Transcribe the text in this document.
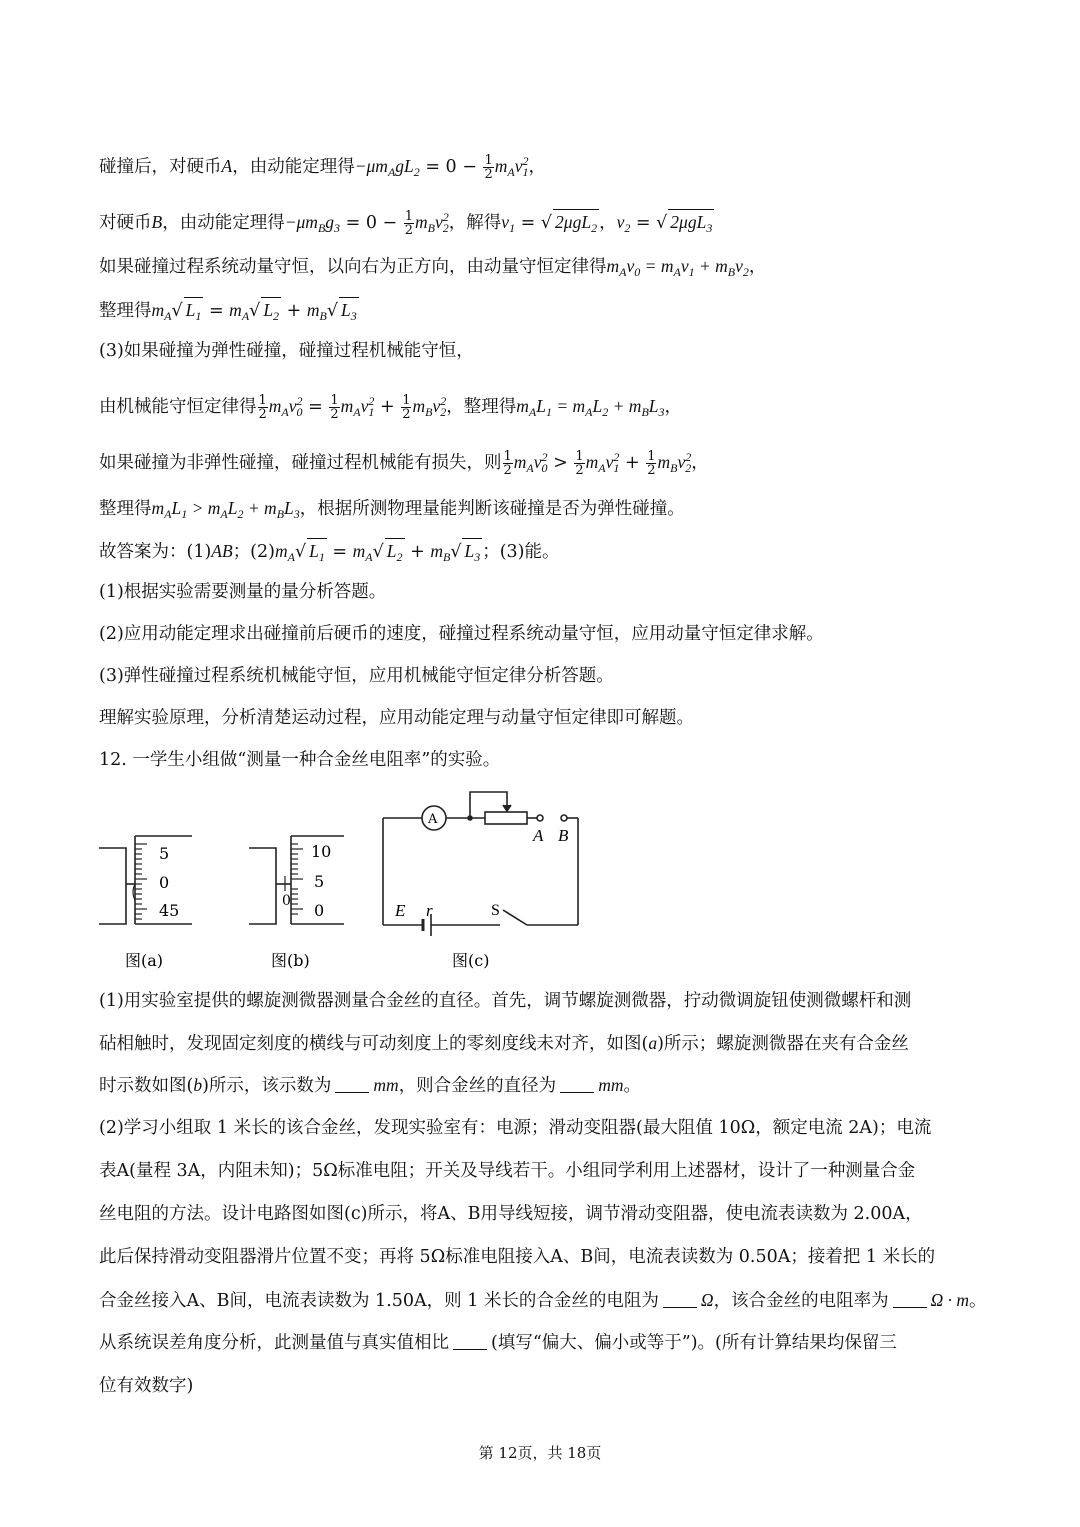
碰撞后，对硬币A，由动能定理得$-\mu m_AgL_2 = 0 - \frac{1}{2} m_Av^2_1$，
对硬币B，由动能定理得$-\mu m_Bg_3 = 0 - \frac{1}{2} m_Bv^2_2$，解得$v_1$ = √ 2μgL$_2$ ，$v_2$ = √ 2μgL$_3$
如果碰撞过程系统动量守恒，以向右为正方向，由动量守恒定律得$m_Av_0 = m_Av_1 + m_Bv_2$，
整理得$m_A√$ $L_1 = m_A√$ $L_2 + m_B√$ $L_3$
(3)如果碰撞为弹性碰撞，碰撞过程机械能守恒，
由机械能守恒定律得 $\frac{1}{2} m_Av^2_0 = \frac{1}{2} m_Av^2_1 + \frac{1}{2} m_Bv^2_2$，整理得$m_AL_1 = m_AL_2 + m_BL_3$，
如果碰撞为非弹性碰撞，碰撞过程机械能有损失，则 $\frac{1}{2} m_Av^2_0 > \frac{1}{2} m_Av^2_1 + \frac{1}{2} m_Bv^2_2$，
整理得$m_AL_1 > m_AL_2 + m_BL_3$，根据所测物理量能判断该碰撞是否为弹性碰撞。
故答案为：(1)AB；$(2)m_A√$ $L_1 = m_A√$ $L_2 + m_B√$ $L_3$ ；(3)能。
(1)根据实验需要测量的量分析答题。
(2)应用动能定理求出碰撞前后硬币的速度，碰撞过程系统动量守恒，应用动量守恒定律求解。
(3)弹性碰撞过程系统机械能守恒，应用机械能守恒定律分析答题。
理解实验原理，分析清楚运动过程，应用动能定理与动量守恒定律即可解题。
12. 一学生小组做“测量一种合金丝电阻率”的实验。
5
0
45
图(a)
0
10
5
0
图(b)
A
A B
E r	S
图(c)
(1)用实验室提供的螺旋测微器测量合金丝的直径。首先，调节螺旋测微器，拧动微调旋钮使测微螺杆和测
砧相触时，发现固定刻度的横线与可动刻度上的零刻度线未对齐，如图(a)所示；螺旋测微器在夹有合金丝
时示数如图(b)所示，该示数为 mm，则合金丝的直径为 mm。
(2)学习小组取 1 米长的该合金丝，发现实验室有：电源；滑动变阻器(最大阻值 10Ω，额定电流 2A)；电流
表A(量程 3A，内阻未知)；5Ω标准电阻；开关及导线若干。小组同学利用上述器材，设计了一种测量合金
丝电阻的方法。设计电路图如图(c)所示，将A、B用导线短接，调节滑动变阻器，使电流表读数为 2.00A，
此后保持滑动变阻器滑片位置不变；再将 5Ω标准电阻接入A、B间，电流表读数为 0.50A；接着把 1 米长的
合金丝接入A、B间，电流表读数为 1.50A，则 1 米长的合金丝的电阻为 Ω，该合金丝的电阻率为 Ω · m。
从系统误差角度分析，此测量值与真实值相比 (填写“偏大、偏小或等于”)。(所有计算结果均保留三
位有效数字)
第 12页，共 18页
